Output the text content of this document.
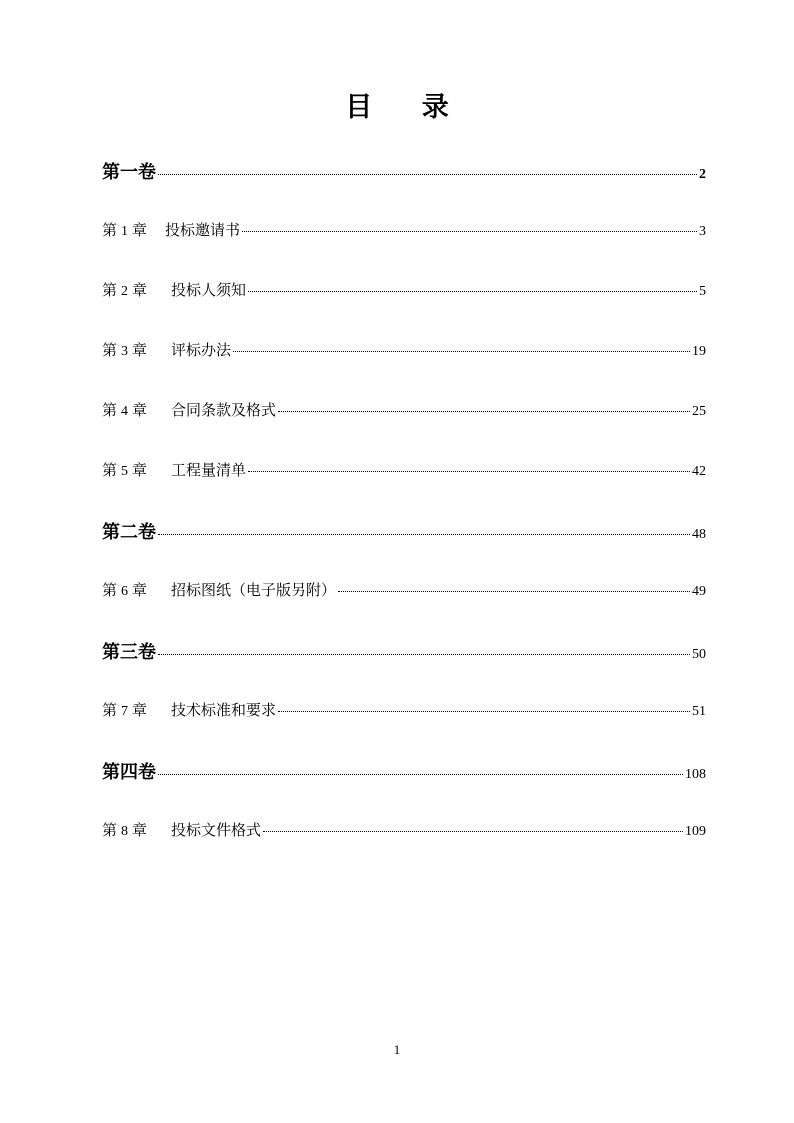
目 录
第一卷	2
第 1 章 投标邀请书	3
第 2 章 投标人须知	5
第 3 章 评标办法	19
第 4 章 合同条款及格式	25
第 5 章 工程量清单	42
第二卷	48
第 6 章 招标图纸（电子版另附）	49
第三卷	50
第 7 章 技术标准和要求	51
第四卷	108
第 8 章 投标文件格式	109
1
